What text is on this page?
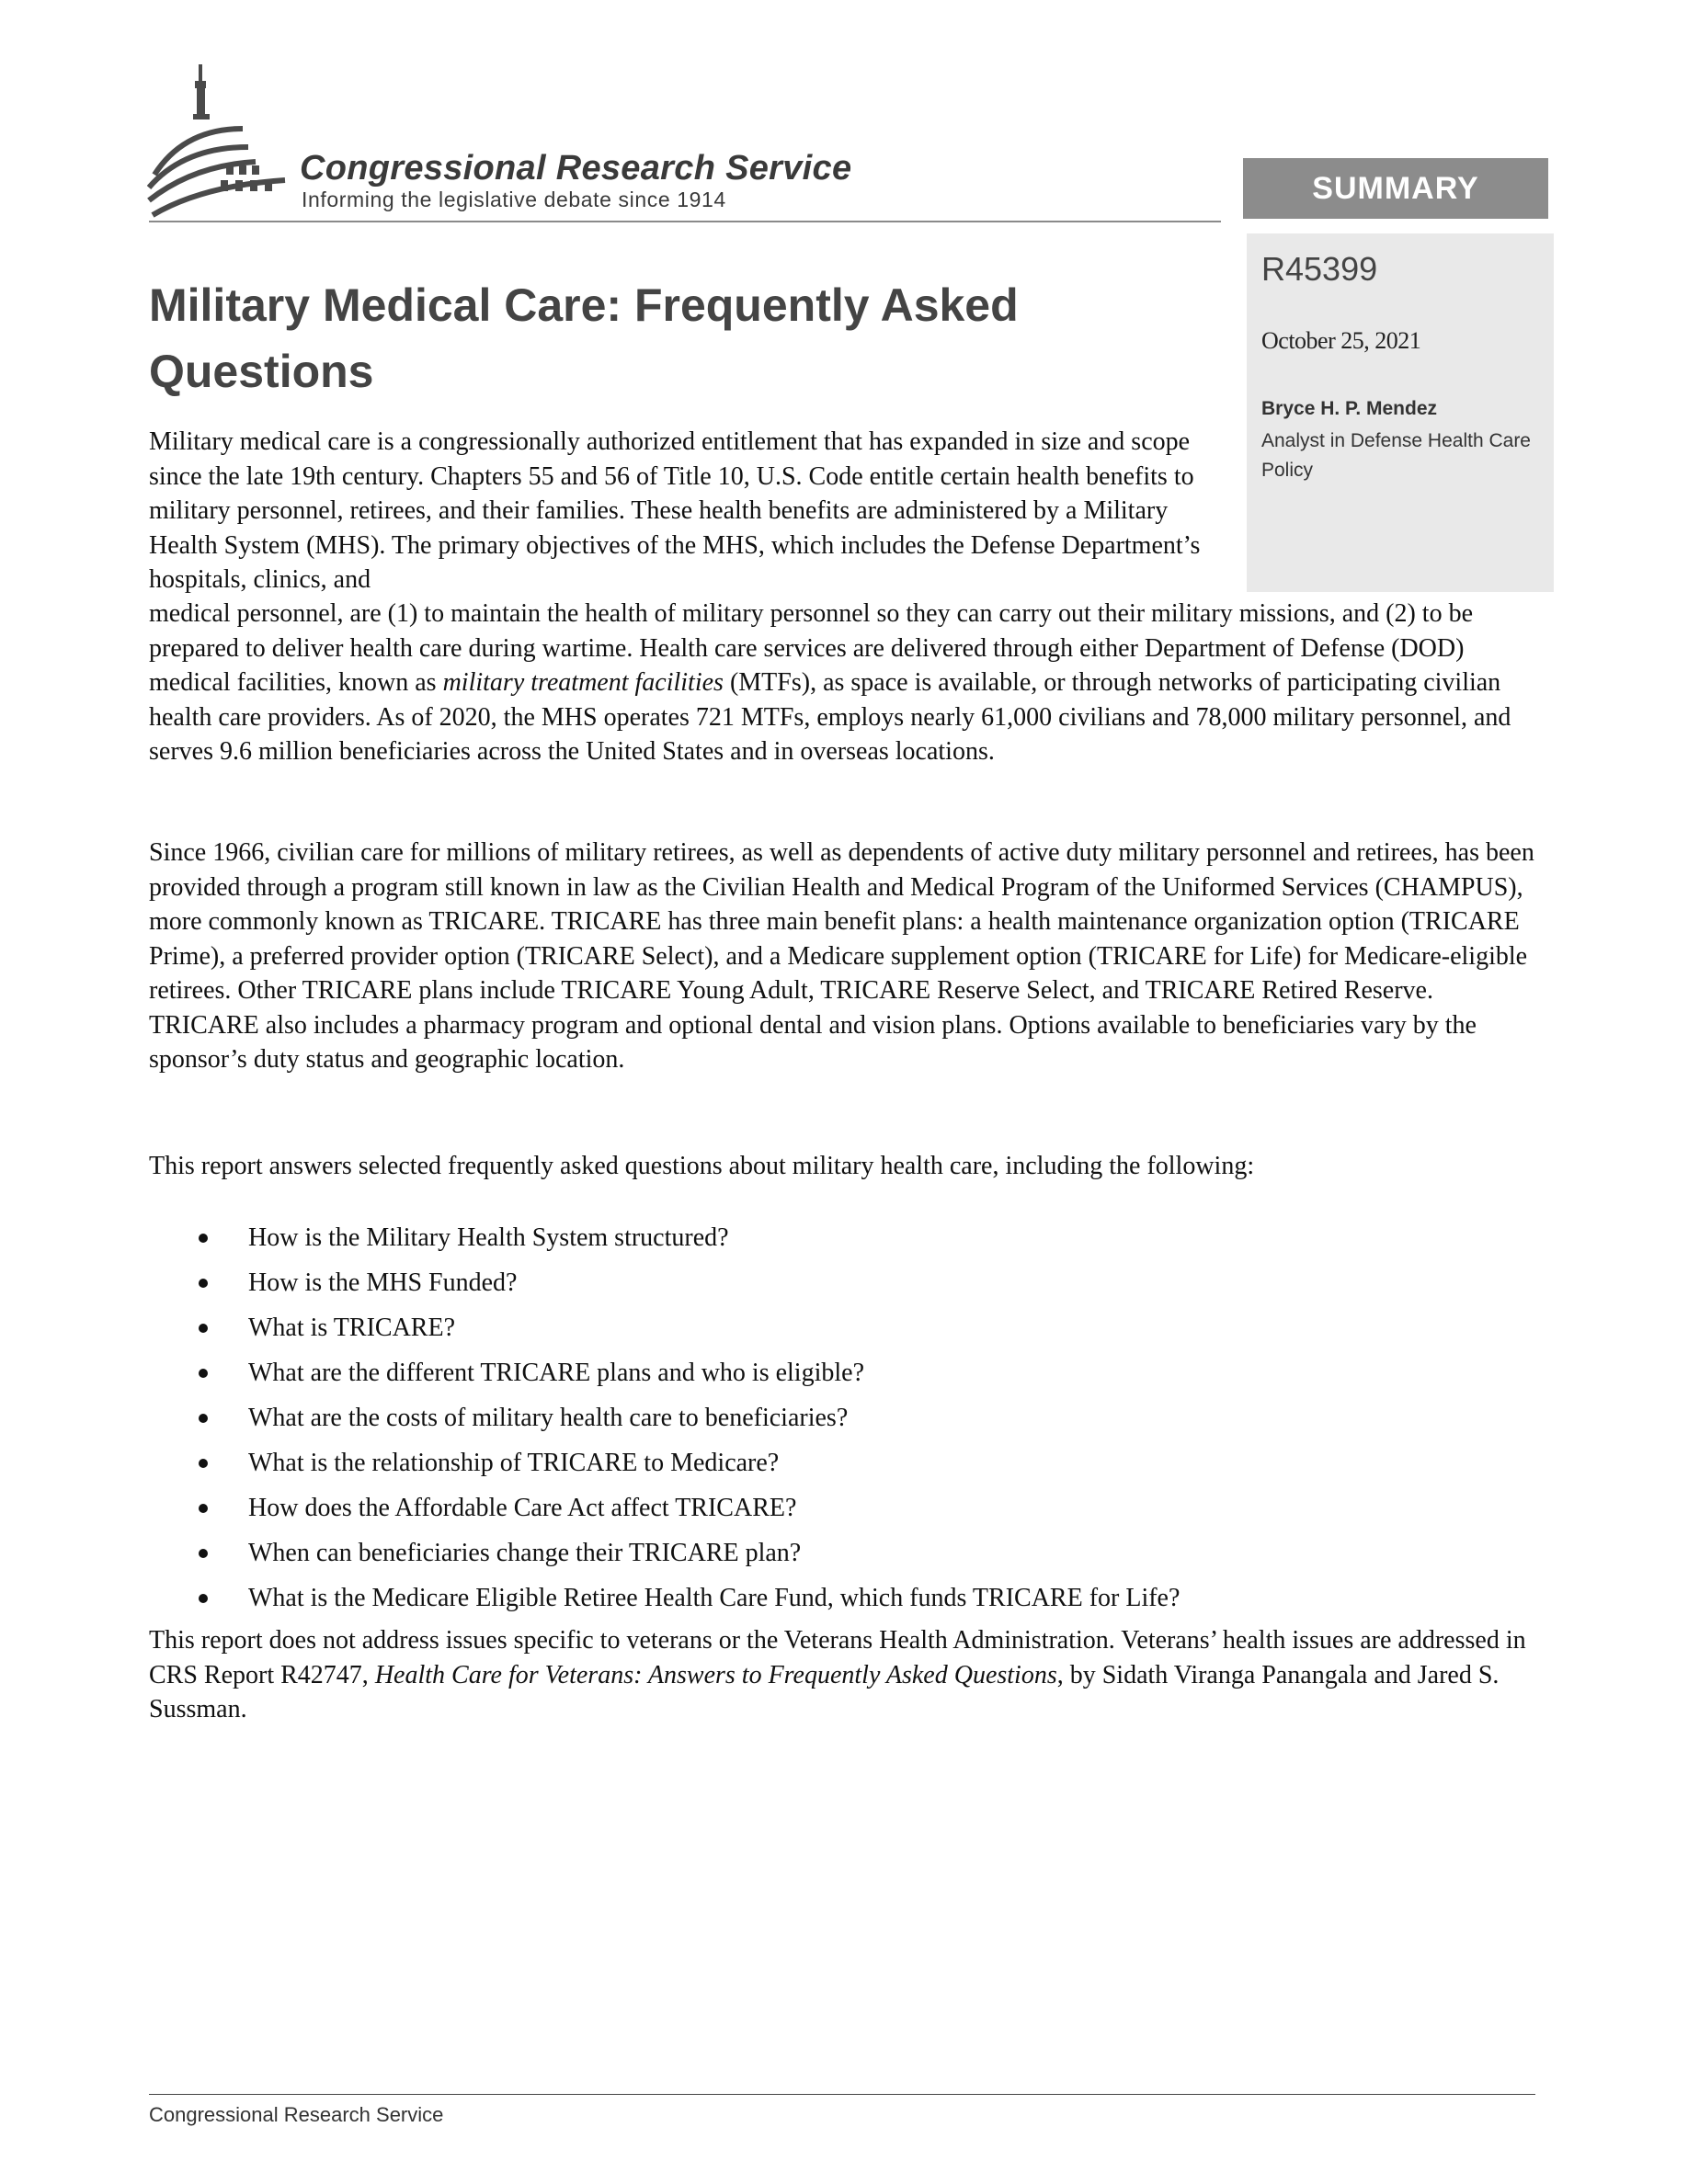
Congressional Research Service
Informing the legislative debate since 1914	SUMMARY
R45399
October 25, 2021
Bryce H. P. Mendez
Analyst in Defense Health Care Policy
Military Medical Care: Frequently Asked Questions

Military medical care is a congressionally authorized entitlement that has expanded in size and scope since the late 19th century. Chapters 55 and 56 of Title 10, U.S. Code entitle certain health benefits to military personnel, retirees, and their families. These health benefits are administered by a Military Health System (MHS). The primary objectives of the MHS, which includes the Defense Department’s hospitals, clinics, and

medical personnel, are (1) to maintain the health of military personnel so they can carry out their military missions, and (2) to be prepared to deliver health care during wartime. Health care services are delivered through either Department of Defense (DOD) medical facilities, known as military treatment facilities (MTFs), as space is available, or through networks of participating civilian health care providers. As of 2020, the MHS operates 721 MTFs, employs nearly 61,000 civilians and 78,000 military personnel, and serves 9.6 million beneficiaries across the United States and in overseas locations.

Since 1966, civilian care for millions of military retirees, as well as dependents of active duty military personnel and retirees, has been provided through a program still known in law as the Civilian Health and Medical Program of the Uniformed Services (CHAMPUS), more commonly known as TRICARE. TRICARE has three main benefit plans: a health maintenance organization option (TRICARE Prime), a preferred provider option (TRICARE Select), and a Medicare supplement option (TRICARE for Life) for Medicare-eligible retirees. Other TRICARE plans include TRICARE Young Adult, TRICARE Reserve Select, and TRICARE Retired Reserve. TRICARE also includes a pharmacy program and optional dental and vision plans. Options available to beneficiaries vary by the sponsor’s duty status and geographic location.

This report answers selected frequently asked questions about military health care, including the following:

How is the Military Health System structured?
How is the MHS Funded?
What is TRICARE?
What are the different TRICARE plans and who is eligible?
What are the costs of military health care to beneficiaries?
What is the relationship of TRICARE to Medicare?
How does the Affordable Care Act affect TRICARE?
When can beneficiaries change their TRICARE plan?
What is the Medicare Eligible Retiree Health Care Fund, which funds TRICARE for Life?

This report does not address issues specific to veterans or the Veterans Health Administration. Veterans’ health issues are addressed in CRS Report R42747, Health Care for Veterans: Answers to Frequently Asked Questions, by Sidath Viranga Panangala and Jared S. Sussman.

Congressional Research Service
